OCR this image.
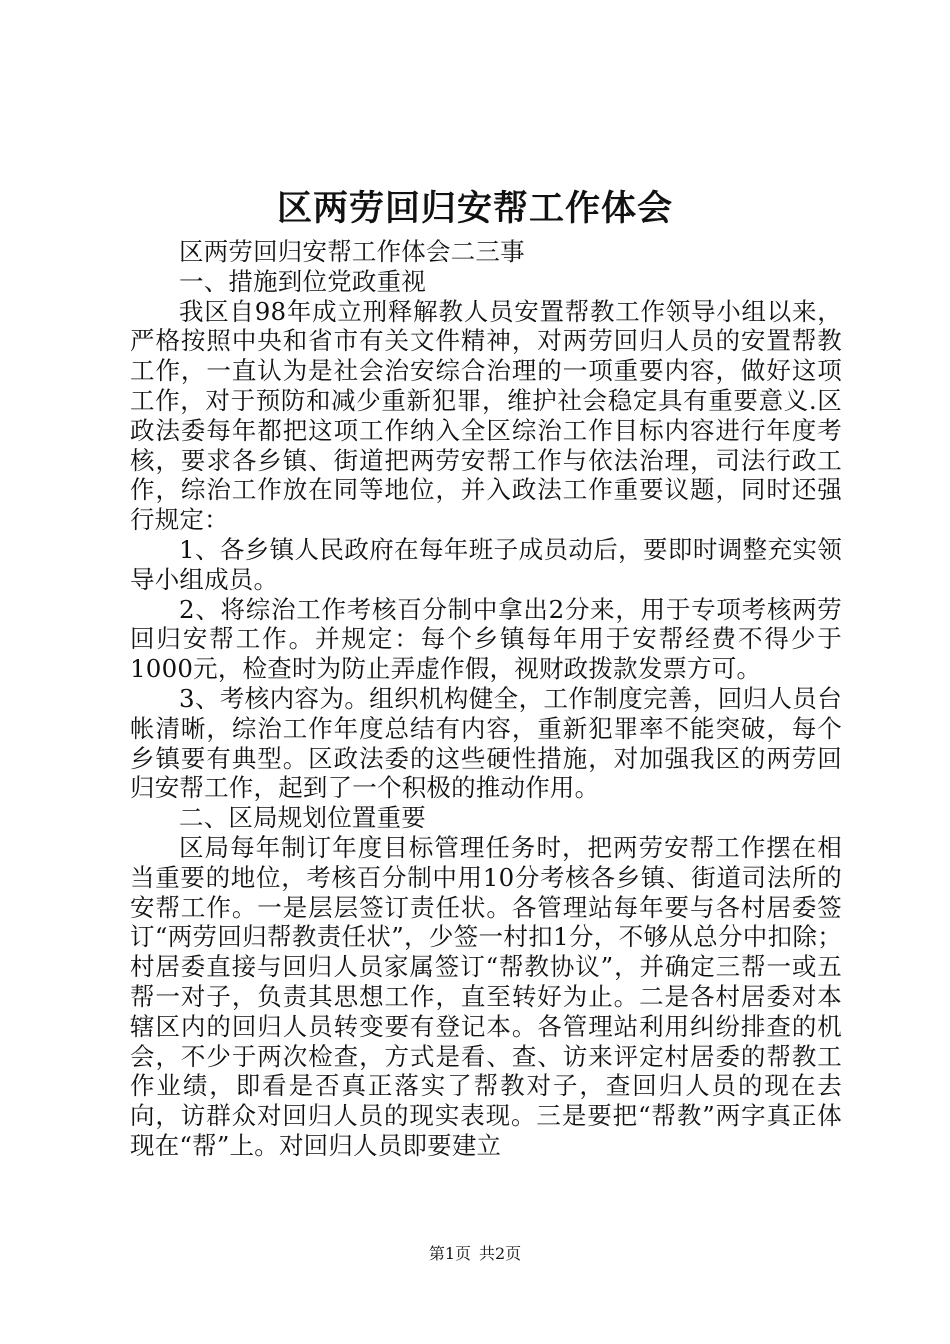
区两劳回归安帮工作体会

区两劳回归安帮工作体会二三事

一、措施到位党政重视

我区自98年成立刑释解教人员安置帮教工作领导小组以来，严格按照中央和省市有关文件精神，对两劳回归人员的安置帮教工作，一直认为是社会治安综合治理的一项重要内容，做好这项工作，对于预防和减少重新犯罪，维护社会稳定具有重要意义.区政法委每年都把这项工作纳入全区综治工作目标内容进行年度考核，要求各乡镇、街道把两劳安帮工作与依法治理，司法行政工作，综治工作放在同等地位，并入政法工作重要议题，同时还强行规定：

1、各乡镇人民政府在每年班子成员动后，要即时调整充实领导小组成员。

2、将综治工作考核百分制中拿出2分来，用于专项考核两劳回归安帮工作。并规定：每个乡镇每年用于安帮经费不得少于1000元，检查时为防止弄虚作假，视财政拨款发票方可。

3、考核内容为。组织机构健全，工作制度完善，回归人员台帐清晰，综治工作年度总结有内容，重新犯罪率不能突破，每个乡镇要有典型。区政法委的这些硬性措施，对加强我区的两劳回归安帮工作，起到了一个积极的推动作用。

二、区局规划位置重要

区局每年制订年度目标管理任务时，把两劳安帮工作摆在相当重要的地位，考核百分制中用10分考核各乡镇、街道司法所的安帮工作。一是层层签订责任状。各管理站每年要与各村居委签订“两劳回归帮教责任状”，少签一村扣1分，不够从总分中扣除；村居委直接与回归人员家属签订“帮教协议”，并确定三帮一或五帮一对子，负责其思想工作，直至转好为止。二是各村居委对本辖区内的回归人员转变要有登记本。各管理站利用纠纷排查的机会，不少于两次检查，方式是看、查、访来评定村居委的帮教工作业绩，即看是否真正落实了帮教对子，查回归人员的现在去向，访群众对回归人员的现实表现。三是要把“帮教”两字真正体现在“帮”上。对回归人员即要建立

第1页 共2页
